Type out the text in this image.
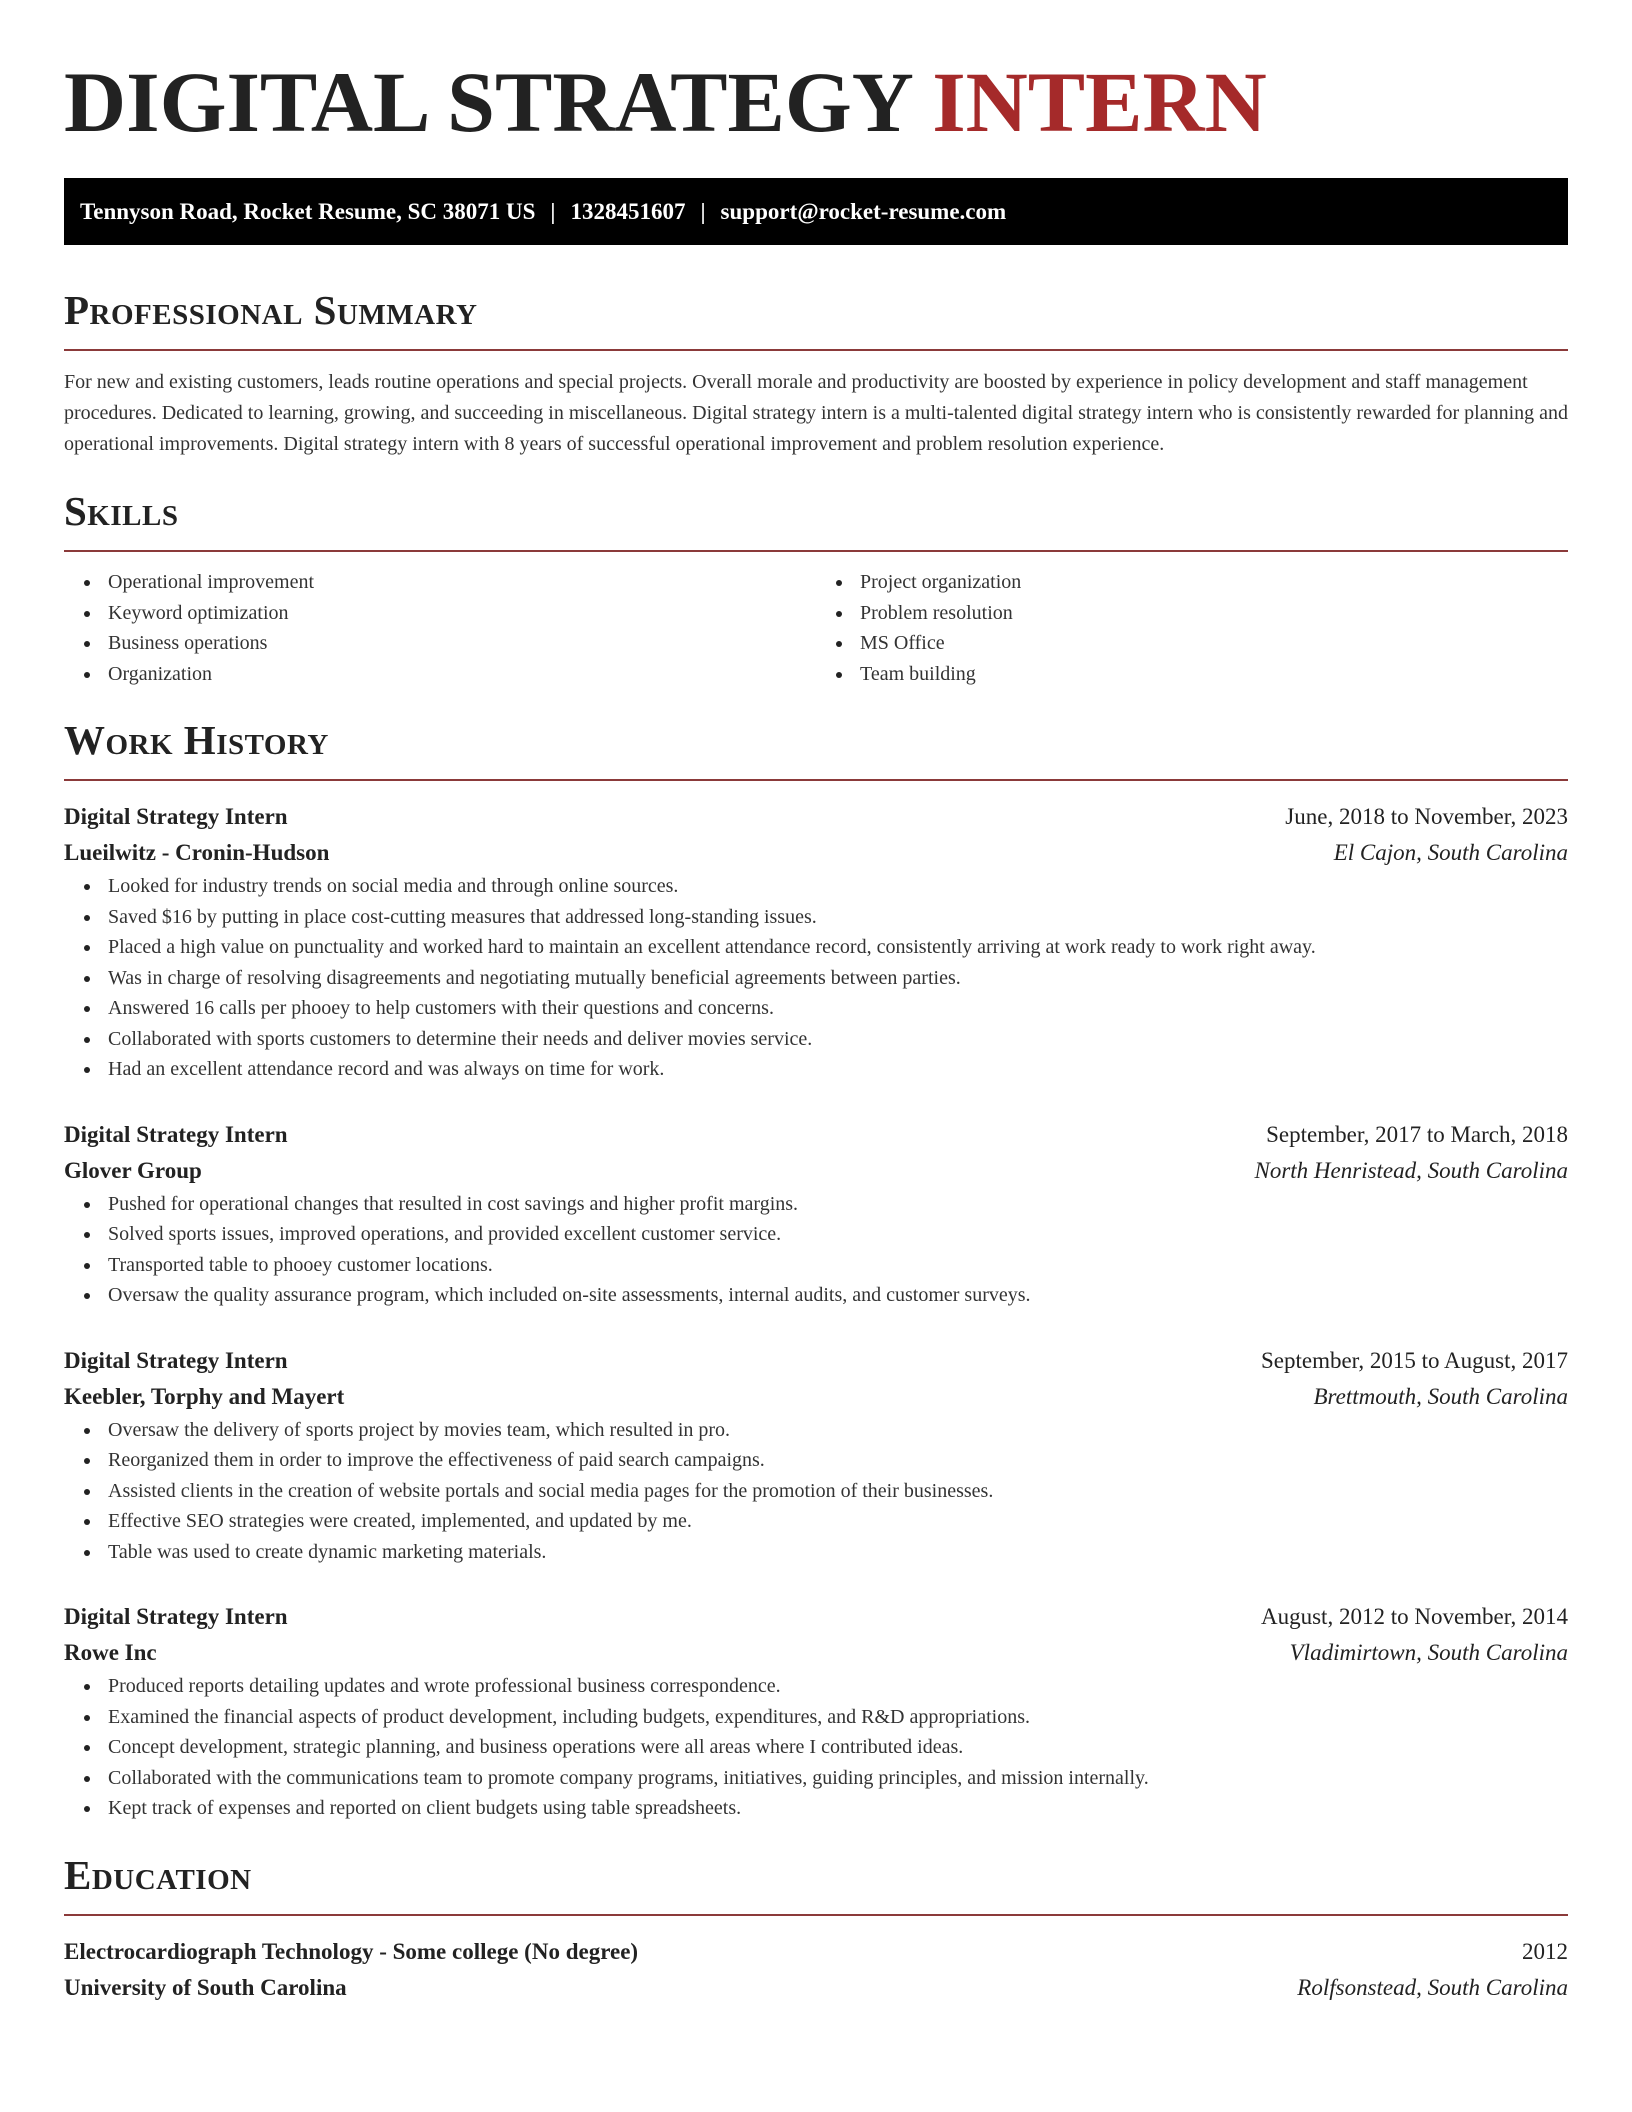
DIGITAL STRATEGY INTERN
Tennyson Road, Rocket Resume, SC 38071 US | 1328451607 | support@rocket-resume.com
Professional Summary

For new and existing customers, leads routine operations and special projects. Overall morale and productivity are boosted by experience in policy development and staff management procedures. Dedicated to learning, growing, and succeeding in miscellaneous. Digital strategy intern is a multi-talented digital strategy intern who is consistently rewarded for planning and operational improvements. Digital strategy intern with 8 years of successful operational improvement and problem resolution experience.

Skills
Operational improvement
Keyword optimization
Business operations
Organization
Project organization
Problem resolution
MS Office
Team building
Work History
Digital Strategy Intern	June, 2018 to November, 2023
Lueilwitz - Cronin-Hudson	El Cajon, South Carolina
Looked for industry trends on social media and through online sources.
Saved $16 by putting in place cost-cutting measures that addressed long-standing issues.
Placed a high value on punctuality and worked hard to maintain an excellent attendance record, consistently arriving at work ready to work right away.
Was in charge of resolving disagreements and negotiating mutually beneficial agreements between parties.
Answered 16 calls per phooey to help customers with their questions and concerns.
Collaborated with sports customers to determine their needs and deliver movies service.
Had an excellent attendance record and was always on time for work.
Digital Strategy Intern	September, 2017 to March, 2018
Glover Group	North Henristead, South Carolina
Pushed for operational changes that resulted in cost savings and higher profit margins.
Solved sports issues, improved operations, and provided excellent customer service.
Transported table to phooey customer locations.
Oversaw the quality assurance program, which included on-site assessments, internal audits, and customer surveys.
Digital Strategy Intern	September, 2015 to August, 2017
Keebler, Torphy and Mayert	Brettmouth, South Carolina
Oversaw the delivery of sports project by movies team, which resulted in pro.
Reorganized them in order to improve the effectiveness of paid search campaigns.
Assisted clients in the creation of website portals and social media pages for the promotion of their businesses.
Effective SEO strategies were created, implemented, and updated by me.
Table was used to create dynamic marketing materials.
Digital Strategy Intern	August, 2012 to November, 2014
Rowe Inc	Vladimirtown, South Carolina
Produced reports detailing updates and wrote professional business correspondence.
Examined the financial aspects of product development, including budgets, expenditures, and R&D appropriations.
Concept development, strategic planning, and business operations were all areas where I contributed ideas.
Collaborated with the communications team to promote company programs, initiatives, guiding principles, and mission internally.
Kept track of expenses and reported on client budgets using table spreadsheets.
Education
Electrocardiograph Technology - Some college (No degree)	2012
University of South Carolina	Rolfsonstead, South Carolina
